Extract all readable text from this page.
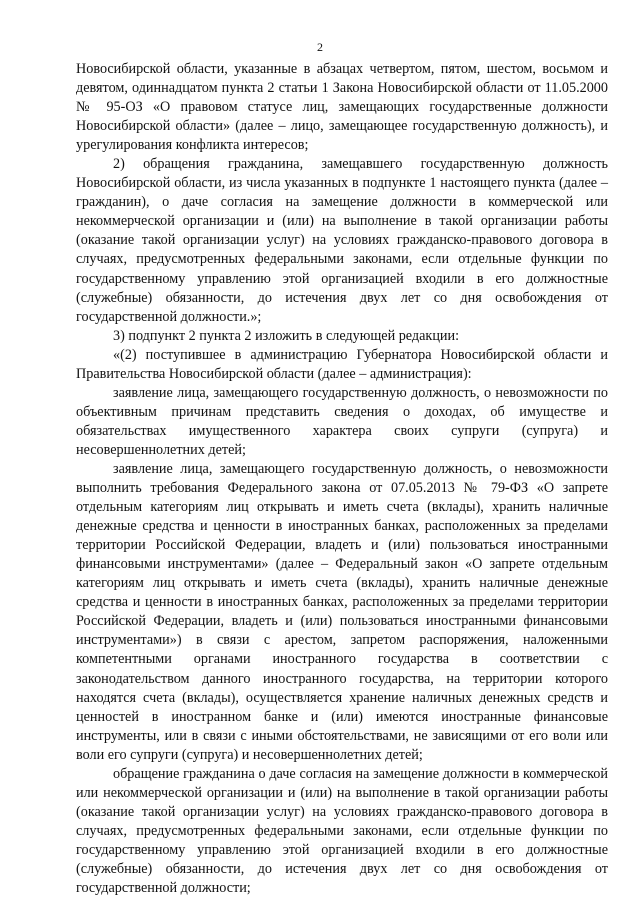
2

Новосибирской области, указанные в абзацах четвертом, пятом, шестом, восьмом и девятом, одиннадцатом пункта 2 статьи 1 Закона Новосибирской области от 11.05.2000 № 95-ОЗ «О правовом статусе лиц, замещающих государственные должности Новосибирской области» (далее – лицо, замещающее государственную должность), и урегулирования конфликта интересов;

2) обращения гражданина, замещавшего государственную должность Новосибирской области, из числа указанных в подпункте 1 настоящего пункта (далее – гражданин), о даче согласия на замещение должности в коммерческой или некоммерческой организации и (или) на выполнение в такой организации работы (оказание такой организации услуг) на условиях гражданско-правового договора в случаях, предусмотренных федеральными законами, если отдельные функции по государственному управлению этой организацией входили в его должностные (служебные) обязанности, до истечения двух лет со дня освобождения от государственной должности.»;

3) подпункт 2 пункта 2 изложить в следующей редакции:

«(2) поступившее в администрацию Губернатора Новосибирской области и Правительства Новосибирской области (далее – администрация):

заявление лица, замещающего государственную должность, о невозможности по объективным причинам представить сведения о доходах, об имуществе и обязательствах имущественного характера своих супруги (супруга) и несовершеннолетних детей;

заявление лица, замещающего государственную должность, о невозможности выполнить требования Федерального закона от 07.05.2013 № 79-ФЗ «О запрете отдельным категориям лиц открывать и иметь счета (вклады), хранить наличные денежные средства и ценности в иностранных банках, расположенных за пределами территории Российской Федерации, владеть и (или) пользоваться иностранными финансовыми инструментами» (далее – Федеральный закон «О запрете отдельным категориям лиц открывать и иметь счета (вклады), хранить наличные денежные средства и ценности в иностранных банках, расположенных за пределами территории Российской Федерации, владеть и (или) пользоваться иностранными финансовыми инструментами») в связи с арестом, запретом распоряжения, наложенными компетентными органами иностранного государства в соответствии с законодательством данного иностранного государства, на территории которого находятся счета (вклады), осуществляется хранение наличных денежных средств и ценностей в иностранном банке и (или) имеются иностранные финансовые инструменты, или в связи с иными обстоятельствами, не зависящими от его воли или воли его супруги (супруга) и несовершеннолетних детей;

обращение гражданина о даче согласия на замещение должности в коммерческой или некоммерческой организации и (или) на выполнение в такой организации работы (оказание такой организации услуг) на условиях гражданско-правового договора в случаях, предусмотренных федеральными законами, если отдельные функции по государственному управлению этой организацией входили в его должностные (служебные) обязанности, до истечения двух лет со дня освобождения от государственной должности;
